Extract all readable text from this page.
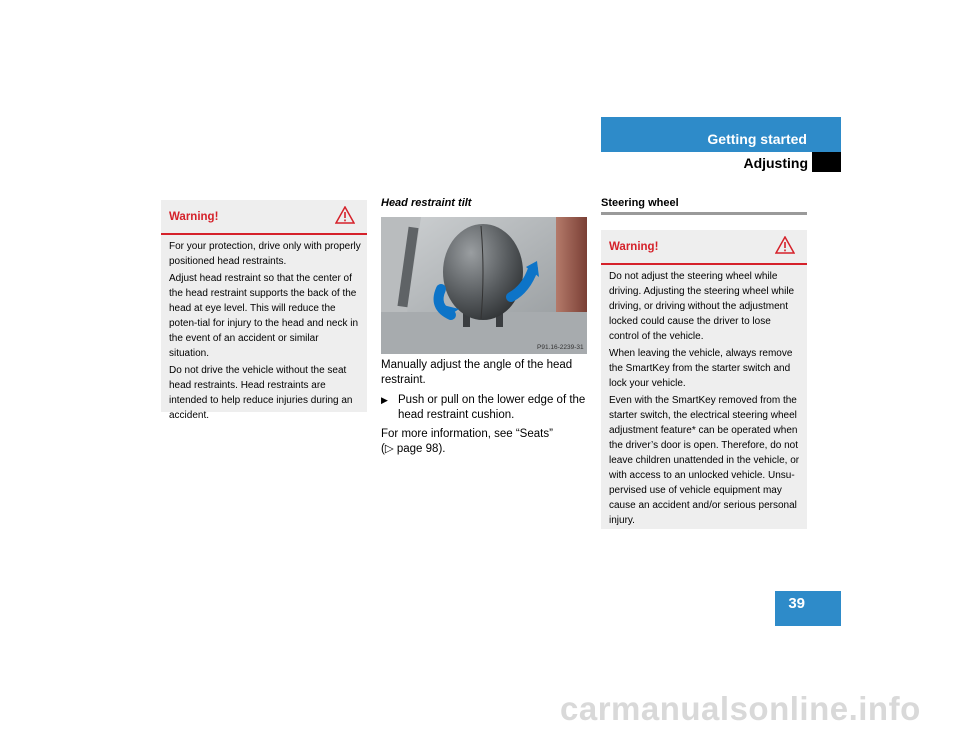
Getting started
Adjusting
Warning!

For your protection, drive only with properly positioned head restraints.

Adjust head restraint so that the center of the head restraint supports the back of the head at eye level. This will reduce the poten-tial for injury to the head and neck in the event of an accident or similar situation.

Do not drive the vehicle without the seat head restraints. Head restraints are intended to help reduce injuries during an accident.

Head restraint tilt
P91.16-2239-31
Manually adjust the angle of the head restraint.
▶ Push or pull on the lower edge of the head restraint cushion.
For more information, see “Seats”
(▷ page 98).
Steering wheel
Warning!

Do not adjust the steering wheel while driving. Adjusting the steering wheel while driving, or driving without the adjustment locked could cause the driver to lose control of the vehicle.

When leaving the vehicle, always remove the SmartKey from the starter switch and lock your vehicle.

Even with the SmartKey removed from the starter switch, the electrical steering wheel adjustment feature* can be operated when the driver’s door is open. Therefore, do not leave children unattended in the vehicle, or with access to an unlocked vehicle. Unsu-pervised use of vehicle equipment may cause an accident and/or serious personal injury.

39
carmanualsonline.info
